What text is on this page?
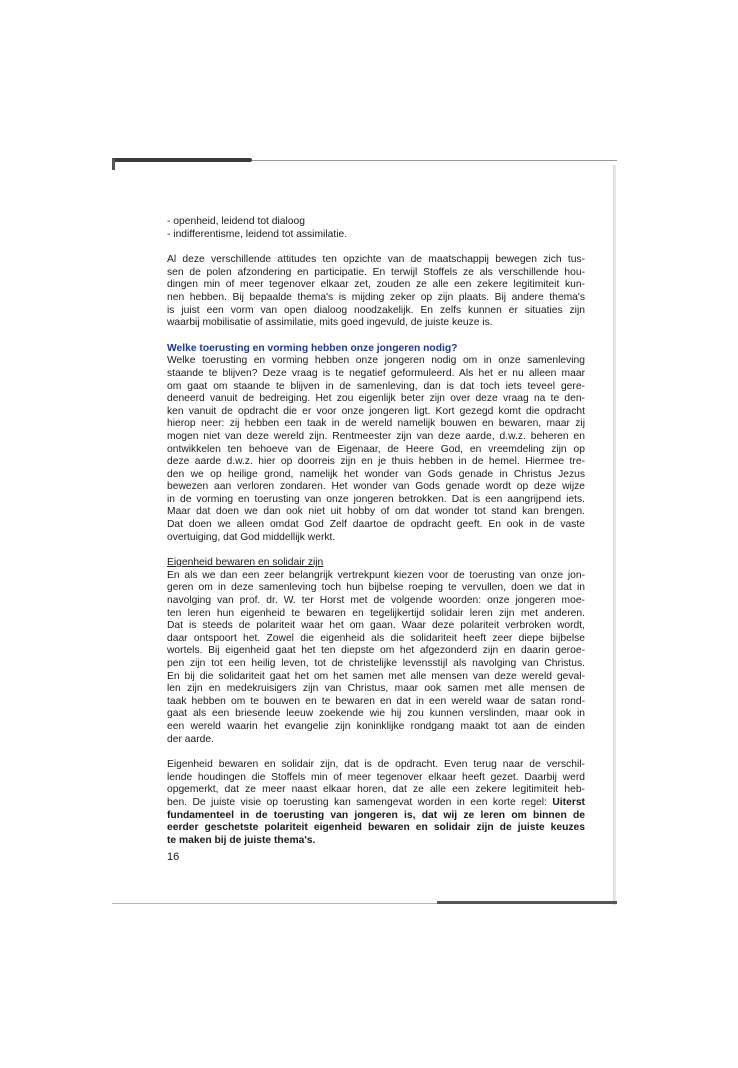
- openheid, leidend tot dialoog
- indifferentisme, leidend tot assimilatie.
Al deze verschillende attitudes ten opzichte van de maatschappij bewegen zich tus-
sen de polen afzondering en participatie. En terwijl Stoffels ze als verschillende hou-
dingen min of meer tegenover elkaar zet, zouden ze alle een zekere legitimiteit kun-
nen hebben. Bij bepaalde thema's is mijding zeker op zijn plaats. Bij andere thema's
is juist een vorm van open dialoog noodzakelijk. En zelfs kunnen er situaties zijn
waarbij mobilisatie of assimilatie, mits goed ingevuld, de juiste keuze is.
Welke toerusting en vorming hebben onze jongeren nodig?
Welke toerusting en vorming hebben onze jongeren nodig om in onze samenleving
staande te blijven? Deze vraag is te negatief geformuleerd. Als het er nu alleen maar
om gaat om staande te blijven in de samenleving, dan is dat toch iets teveel gere-
deneerd vanuit de bedreiging. Het zou eigenlijk beter zijn over deze vraag na te den-
ken vanuit de opdracht die er voor onze jongeren ligt. Kort gezegd komt die opdracht
hierop neer: zij hebben een taak in de wereld namelijk bouwen en bewaren, maar zij
mogen niet van deze wereld zijn. Rentmeester zijn van deze aarde, d.w.z. beheren en
ontwikkelen ten behoeve van de Eigenaar, de Heere God, en vreemdeling zijn op
deze aarde d.w.z. hier op doorreis zijn en je thuis hebben in de hemel. Hiermee tre-
den we op heilige grond, namelijk het wonder van Gods genade in Christus Jezus
bewezen aan verloren zondaren. Het wonder van Gods genade wordt op deze wijze
in de vorming en toerusting van onze jongeren betrokken. Dat is een aangrijpend iets.
Maar dat doen we dan ook niet uit hobby of om dat wonder tot stand kan brengen.
Dat doen we alleen omdat God Zelf daartoe de opdracht geeft. En ook in de vaste
overtuiging, dat God middellijk werkt.
Eigenheid bewaren en solidair zijn
En als we dan een zeer belangrijk vertrekpunt kiezen voor de toerusting van onze jon-
geren om in deze samenleving toch hun bijbelse roeping te vervullen, doen we dat in
navolging van prof. dr. W. ter Horst met de volgende woorden: onze jongeren moe-
ten leren hun eigenheid te bewaren en tegelijkertijd solidair leren zijn met anderen.
Dat is steeds de polariteit waar het om gaan. Waar deze polariteit verbroken wordt,
daar ontspoort het. Zowel die eigenheid als die solidariteit heeft zeer diepe bijbelse
wortels. Bij eigenheid gaat het ten diepste om het afgezonderd zijn en daarin geroe-
pen zijn tot een heilig leven, tot de christelijke levensstijl als navolging van Christus.
En bij die solidariteit gaat het om het samen met alle mensen van deze wereld geval-
len zijn en medekruisigers zijn van Christus, maar ook samen met alle mensen de
taak hebben om te bouwen en te bewaren en dat in een wereld waar de satan rond-
gaat als een briesende leeuw zoekende wie hij zou kunnen verslinden, maar ook in
een wereld waarin het evangelie zijn koninklijke rondgang maakt tot aan de einden
der aarde.
Eigenheid bewaren en solidair zijn, dat is de opdracht. Even terug naar de verschil-
lende houdingen die Stoffels min of meer tegenover elkaar heeft gezet. Daarbij werd
opgemerkt, dat ze meer naast elkaar horen, dat ze alle een zekere legitimiteit heb-
ben. De juiste visie op toerusting kan samengevat worden in een korte regel: Uiterst
fundamenteel in de toerusting van jongeren is, dat wij ze leren om binnen de
eerder geschetste polariteit eigenheid bewaren en solidair zijn de juiste keuzes
te maken bij de juiste thema's.
16
